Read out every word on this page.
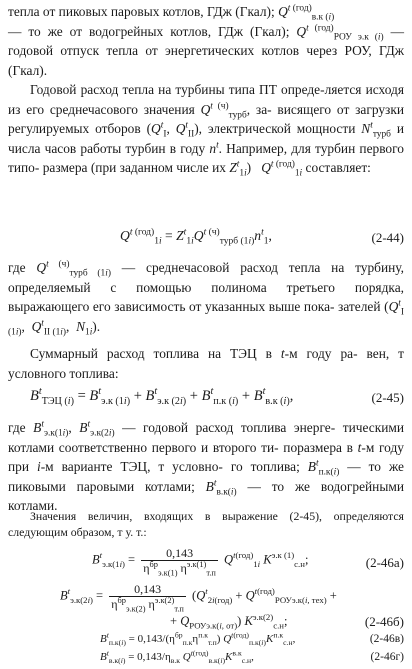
тепла от пиковых паровых котлов, ГДж (Гкал); $Q^{t (год)}_{в.к (i)}$

— то же от водогрейных котлов, ГДж (Гкал); $Q^{t (год)}_{РОУ э.к (i)}$ — годовой отпуск тепла от энергетических котлов через РОУ, ГДж (Гкал).

Годовой расход тепла на турбины типа ПТ опреде-ляется исходя из его среднечасового значения $Q^{t (ч)}_{турб}$, за- висящего от загрузки регулируемых отборов ($Q^t_I$, $Q^t_{II}$), электрической мощности $N^t_{турб}$ и числа часов работы турбин в году $n^t$. Например, для турбин первого типо- размера (при заданном числе их $Z^t_{1i}$)   $Q^{t (год)}_{1i}$ составляет:

$Q^{t (год)}_{1i} = Z^t_{1i}Q^{t (ч)}_{турб (1i)}n^t_1$,	(2-44)

где $Q^{t (ч)}_{турб (1i)}$ — среднечасовой расход тепла на турбину, определяемый с помощью полинома третьего порядка, выражающего его зависимость от указанных выше пока- зателей ($Q^t_{I (1i)}$,  $Q^t_{II (1i)}$,  $N_{1i}$).

Суммарный расход топлива на ТЭЦ в t-м году ра- вен, т условного топлива:

$B^t_{ТЭЦ (i)} = B^t_{э.к (1i)} + B^t_{э.к (2i)} + B^t_{п.к (i)} + B^t_{в.к (i)}$,	(2-45)

где $B^t_{э.к(1i)}$, $B^t_{э.к(2i)}$ — годовой расход топлива энерге- тическими котлами соответственно первого и второго ти- поразмера в t-м году при i-м варианте ТЭЦ, т условно- го топлива; $B^t_{п.к(i)}$ — то же пиковыми паровыми котлами; $B^t_{в.к(i)}$ — то же водогрейными котлами.

Значения величин, входящих в выражение (2-45), определяются следующим образом, т у. т.:

$B^t_{э.к(1i)} = \frac{0,143}{\eta^{бр}_{э.к(1)} \eta^{э.к(1)}_{т.п}} Q^{t(год)}_{1i}$ $K^{э.к (1)}_{с.н}$;	(2-46а)
$B^t_{э.к(2i)} = \frac{0,143}{\eta^{бр}_{э.к(2)} \eta^{э.к(2)}_{т.п}} (Q^t_{2i(год)} + Q^{t(год)}_{РОУэ.к(i, тех)}$ +
+ $Q_{РОУэ.к(i, от)}$) $K^{э.к(2)}_{с.н}$;	(2-46б)
$B^t_{п.к(i)} = 0,143/(\eta^{бр}_{п.к}\eta^{п.к}_{т.п})$ $Q^{t(год)}_{п.к(i)}K^{п.к}_{с.н}$,	(2-46в)
$B^t_{в.к(i)} = 0,143/\eta_{в.к}$ $Q^{t(год)}_{в.к(i)}K^{в.к}_{с.н}$,	(2-46г)
